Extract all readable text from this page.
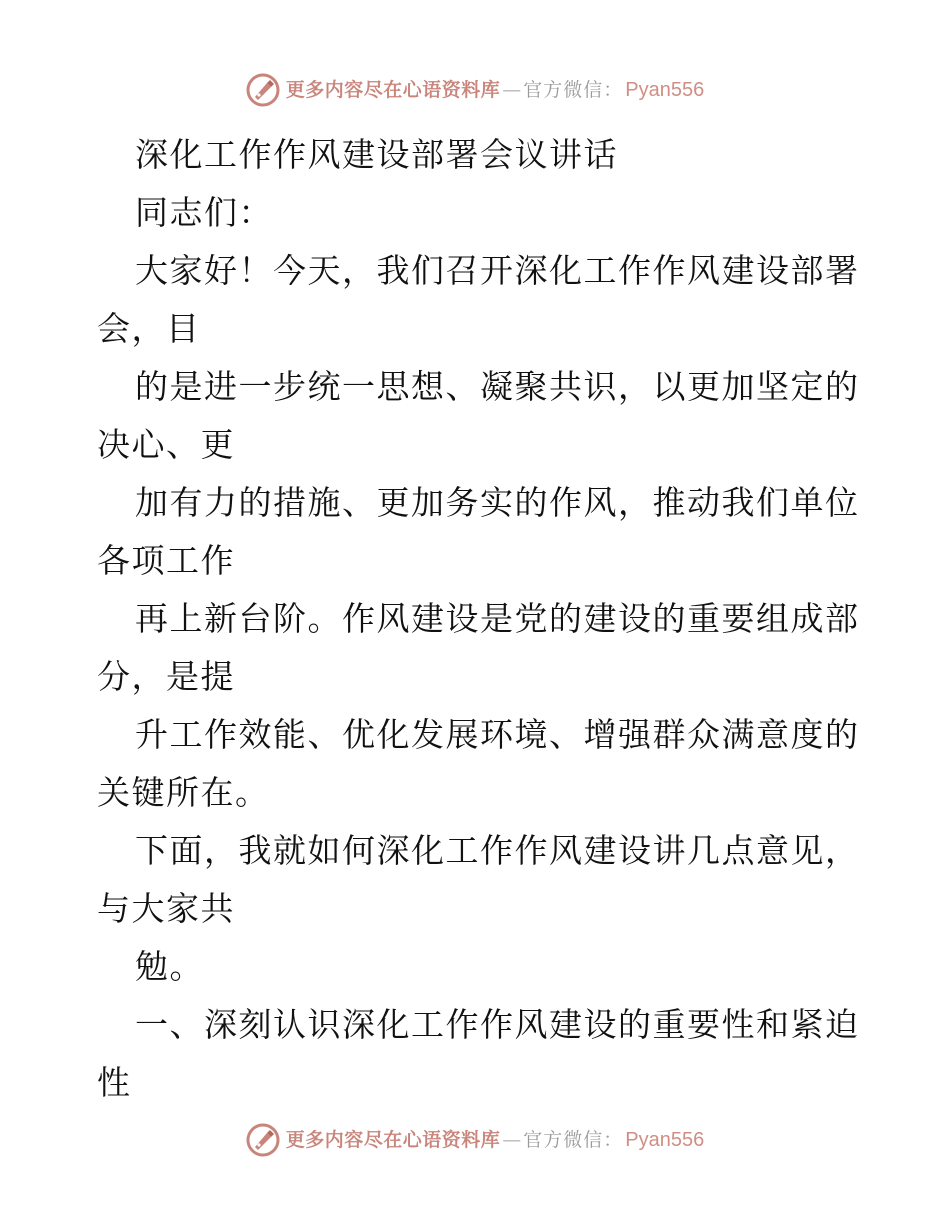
更多内容尽在心语资料库 — 官方微信： Pyan556
深化工作作风建设部署会议讲话
同志们：
大家好！今天，我们召开深化工作作风建设部署
会，目
的是进一步统一思想、凝聚共识，以更加坚定的
决心、更
加有力的措施、更加务实的作风，推动我们单位
各项工作
再上新台阶。作风建设是党的建设的重要组成部
分，是提
升工作效能、优化发展环境、增强群众满意度的
关键所在。
下面，我就如何深化工作作风建设讲几点意见，
与大家共
勉。
一、深刻认识深化工作作风建设的重要性和紧迫
性
更多内容尽在心语资料库 — 官方微信： Pyan556
